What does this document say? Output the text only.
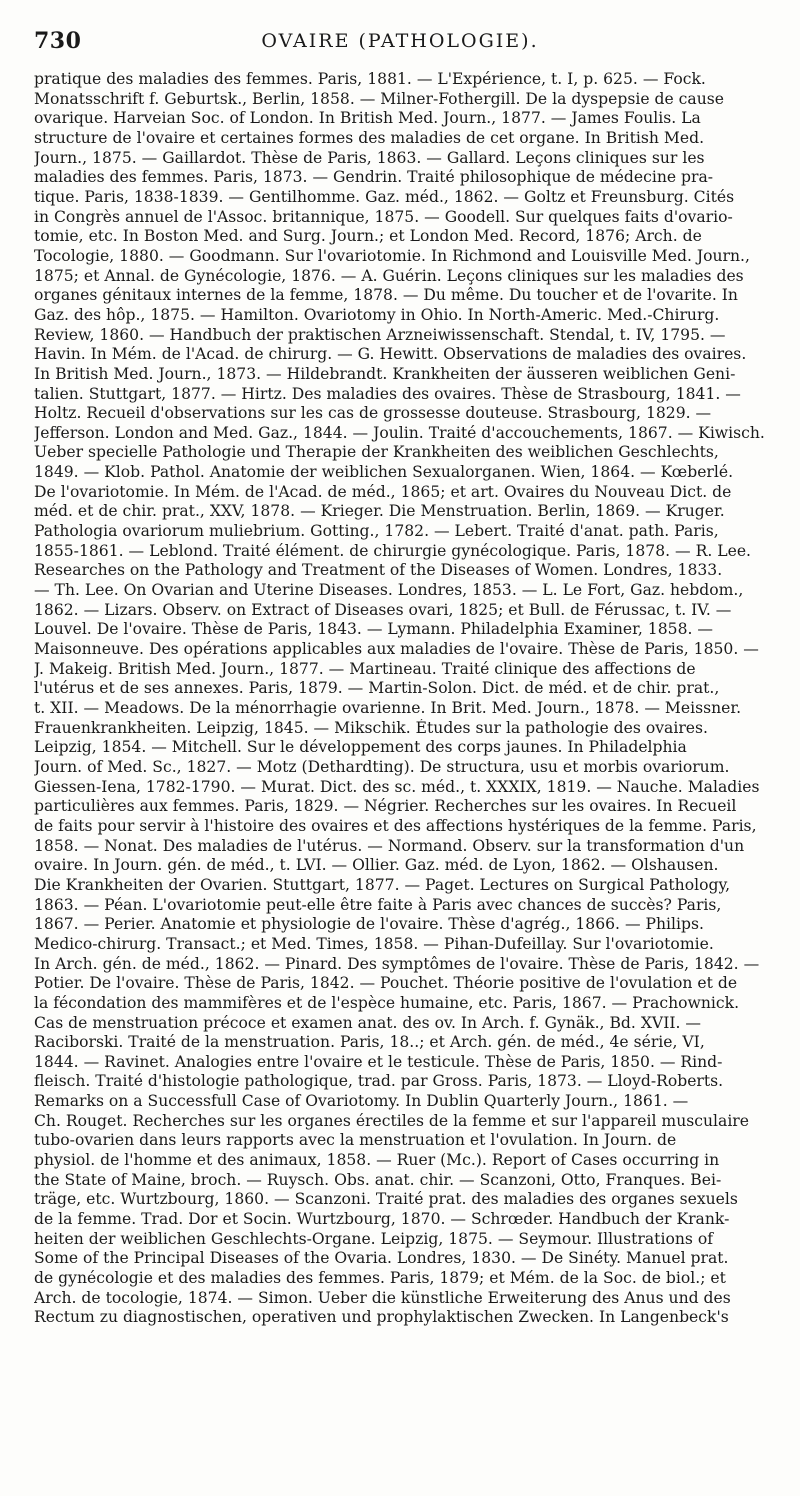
730	OVAIRE (PATHOLOGIE).
pratique des maladies des femmes. Paris, 1881. — L'Expérience, t. I, p. 625. — Fock.
Monatsschrift f. Geburtsk., Berlin, 1858. — Milner-Fothergill. De la dyspepsie de cause
ovarique. Harveian Soc. of London. In British Med. Journ., 1877. — James Foulis. La
structure de l'ovaire et certaines formes des maladies de cet organe. In British Med.
Journ., 1875. — Gaillardot. Thèse de Paris, 1863. — Gallard. Leçons cliniques sur les
maladies des femmes. Paris, 1873. — Gendrin. Traité philosophique de médecine pra-
tique. Paris, 1838-1839. — Gentilhomme. Gaz. méd., 1862. — Goltz et Freunsburg. Cités
in Congrès annuel de l'Assoc. britannique, 1875. — Goodell. Sur quelques faits d'ovario-
tomie, etc. In Boston Med. and Surg. Journ.; et London Med. Record, 1876; Arch. de
Tocologie, 1880. — Goodmann. Sur l'ovariotomie. In Richmond and Louisville Med. Journ.,
1875; et Annal. de Gynécologie, 1876. — A. Guérin. Leçons cliniques sur les maladies des
organes génitaux internes de la femme, 1878. — Du même. Du toucher et de l'ovarite. In
Gaz. des hôp., 1875. — Hamilton. Ovariotomy in Ohio. In North-Americ. Med.-Chirurg.
Review, 1860. — Handbuch der praktischen Arzneiwissenschaft. Stendal, t. IV, 1795. —
Havin. In Mém. de l'Acad. de chirurg. — G. Hewitt. Observations de maladies des ovaires.
In British Med. Journ., 1873. — Hildebrandt. Krankheiten der äusseren weiblichen Geni-
talien. Stuttgart, 1877. — Hirtz. Des maladies des ovaires. Thèse de Strasbourg, 1841. —
Holtz. Recueil d'observations sur les cas de grossesse douteuse. Strasbourg, 1829. —
Jefferson. London and Med. Gaz., 1844. — Joulin. Traité d'accouchements, 1867. — Kiwisch.
Ueber specielle Pathologie und Therapie der Krankheiten des weiblichen Geschlechts,
1849. — Klob. Pathol. Anatomie der weiblichen Sexualorganen. Wien, 1864. — Kœberlé.
De l'ovariotomie. In Mém. de l'Acad. de méd., 1865; et art. Ovaires du Nouveau Dict. de
méd. et de chir. prat., XXV, 1878. — Krieger. Die Menstruation. Berlin, 1869. — Kruger.
Pathologia ovariorum muliebrium. Gotting., 1782. — Lebert. Traité d'anat. path. Paris,
1855-1861. — Leblond. Traité élément. de chirurgie gynécologique. Paris, 1878. — R. Lee.
Researches on the Pathology and Treatment of the Diseases of Women. Londres, 1833.
— Th. Lee. On Ovarian and Uterine Diseases. Londres, 1853. — L. Le Fort, Gaz. hebdom.,
1862. — Lizars. Observ. on Extract of Diseases ovari, 1825; et Bull. de Férussac, t. IV. —
Louvel. De l'ovaire. Thèse de Paris, 1843. — Lymann. Philadelphia Examiner, 1858. —
Maisonneuve. Des opérations applicables aux maladies de l'ovaire. Thèse de Paris, 1850. —
J. Makeig. British Med. Journ., 1877. — Martineau. Traité clinique des affections de
l'utérus et de ses annexes. Paris, 1879. — Martin-Solon. Dict. de méd. et de chir. prat.,
t. XII. — Meadows. De la ménorrhagie ovarienne. In Brit. Med. Journ., 1878. — Meissner.
Frauenkrankheiten. Leipzig, 1845. — Mikschik. Études sur la pathologie des ovaires.
Leipzig, 1854. — Mitchell. Sur le développement des corps jaunes. In Philadelphia
Journ. of Med. Sc., 1827. — Motz (Dethardting). De structura, usu et morbis ovariorum.
Giessen-Iena, 1782-1790. — Murat. Dict. des sc. méd., t. XXXIX, 1819. — Nauche. Maladies
particulières aux femmes. Paris, 1829. — Négrier. Recherches sur les ovaires. In Recueil
de faits pour servir à l'histoire des ovaires et des affections hystériques de la femme. Paris,
1858. — Nonat. Des maladies de l'utérus. — Normand. Observ. sur la transformation d'un
ovaire. In Journ. gén. de méd., t. LVI. — Ollier. Gaz. méd. de Lyon, 1862. — Olshausen.
Die Krankheiten der Ovarien. Stuttgart, 1877. — Paget. Lectures on Surgical Pathology,
1863. — Péan. L'ovariotomie peut-elle être faite à Paris avec chances de succès? Paris,
1867. — Perier. Anatomie et physiologie de l'ovaire. Thèse d'agrég., 1866. — Philips.
Medico-chirurg. Transact.; et Med. Times, 1858. — Pihan-Dufeillay. Sur l'ovariotomie.
In Arch. gén. de méd., 1862. — Pinard. Des symptômes de l'ovaire. Thèse de Paris, 1842. —
Potier. De l'ovaire. Thèse de Paris, 1842. — Pouchet. Théorie positive de l'ovulation et de
la fécondation des mammifères et de l'espèce humaine, etc. Paris, 1867. — Prachownick.
Cas de menstruation précoce et examen anat. des ov. In Arch. f. Gynäk., Bd. XVII. —
Raciborski. Traité de la menstruation. Paris, 18..; et Arch. gén. de méd., 4e série, VI,
1844. — Ravinet. Analogies entre l'ovaire et le testicule. Thèse de Paris, 1850. — Rind-
fleisch. Traité d'histologie pathologique, trad. par Gross. Paris, 1873. — Lloyd-Roberts.
Remarks on a Successfull Case of Ovariotomy. In Dublin Quarterly Journ., 1861. —
Ch. Rouget. Recherches sur les organes érectiles de la femme et sur l'appareil musculaire
tubo-ovarien dans leurs rapports avec la menstruation et l'ovulation. In Journ. de
physiol. de l'homme et des animaux, 1858. — Ruer (Mc.). Report of Cases occurring in
the State of Maine, broch. — Ruysch. Obs. anat. chir. — Scanzoni, Otto, Franques. Bei-
träge, etc. Wurtzbourg, 1860. — Scanzoni. Traité prat. des maladies des organes sexuels
de la femme. Trad. Dor et Socin. Wurtzbourg, 1870. — Schrœder. Handbuch der Krank-
heiten der weiblichen Geschlechts-Organe. Leipzig, 1875. — Seymour. Illustrations of
Some of the Principal Diseases of the Ovaria. Londres, 1830. — De Sinéty. Manuel prat.
de gynécologie et des maladies des femmes. Paris, 1879; et Mém. de la Soc. de biol.; et
Arch. de tocologie, 1874. — Simon. Ueber die künstliche Erweiterung des Anus und des
Rectum zu diagnostischen, operativen und prophylaktischen Zwecken. In Langenbeck's
